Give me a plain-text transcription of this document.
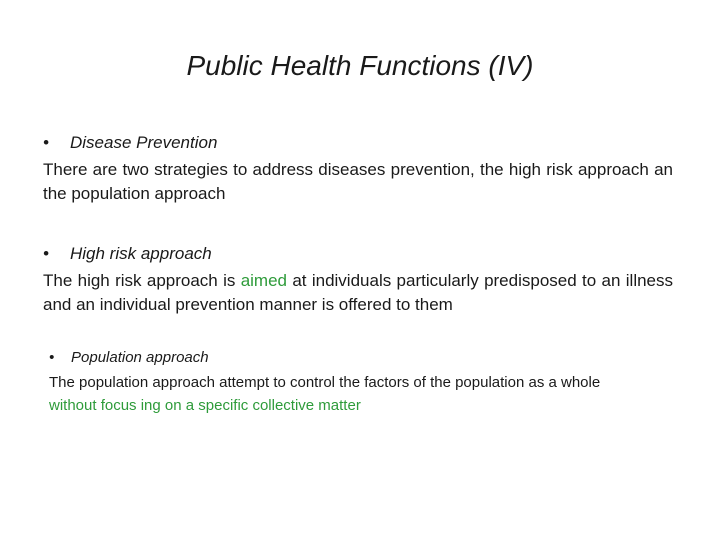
Public Health Functions (IV)
• Disease Prevention
There are two strategies to address diseases prevention, the high risk approach an the population approach
• High risk approach
The high risk approach is aimed at individuals particularly predisposed to an illness and an individual prevention manner is offered to them
• Population approach
The population approach attempt to control the factors of the population as a whole
without focus ing on a specific collective matter
